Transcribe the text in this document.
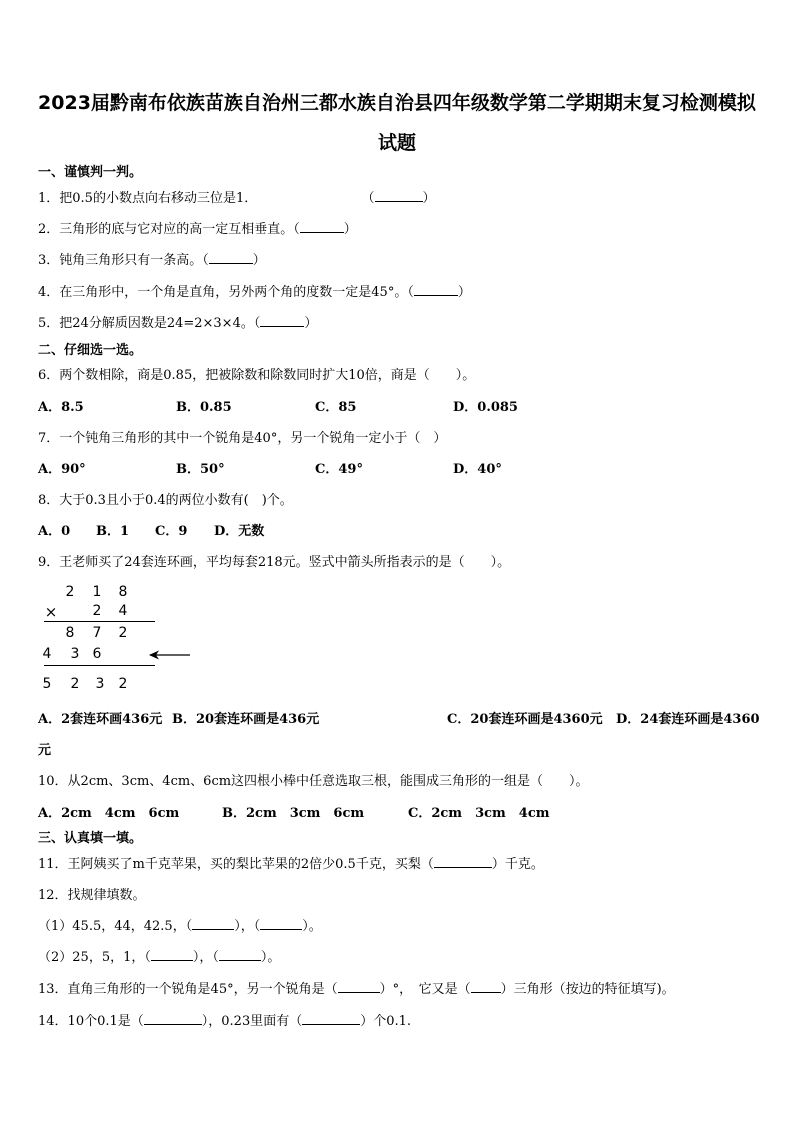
2023届黔南布依族苗族自治州三都水族自治县四年级数学第二学期期末复习检测模拟
试题
一、谨慎判一判。
1．把0.5的小数点向右移动三位是1．	（	）
2．三角形的底与它对应的高一定互相垂直。（	）
3．钝角三角形只有一条高。（	）
4．在三角形中，一个角是直角，另外两个角的度数一定是45°。（	）
5．把24分解质因数是24=2×3×4。（	）
二、仔细选一选。
6．两个数相除，商是0.85，把被除数和除数同时扩大10倍，商是（　　）。
A．8.5	B．0.85	C．85	D．0.085
7．一个钝角三角形的其中一个锐角是40°，另一个锐角一定小于（　）
A．90°	B．50°	C．49°	D．40°
8．大于0.3且小于0.4的两位小数有(　)个。
A．0 B．1 C．9 D．无数
9．王老师买了24套连环画，平均每套218元。竖式中箭头所指表示的是（　　）。
2 1 8
×	2 4
8 7 2
4 3 6
5 2 3 2
A．2套连环画436元 B．20套连环画是436元	C．20套连环画是4360元 D．24套连环画是4360
元
10．从2cm、3cm、4cm、6cm这四根小棒中任意选取三根，能围成三角形的一组是（　　）。
A．2cm　4cm　6cm	B．2cm　3cm　6cm	C．2cm　3cm　4cm
三、认真填一填。
11．王阿姨买了m千克苹果，买的梨比苹果的2倍少0.5千克，买梨（	）千克。
12．找规律填数。
（1）45.5，44，42.5，（	），（	）。
（2）25，5，1，（	），（	）。
13．直角三角形的一个锐角是45°，另一个锐角是（	）°，　它又是（ ）三角形（按边的特征填写)。
14．10个0.1是（	），0.23里面有（	）个0.1.
